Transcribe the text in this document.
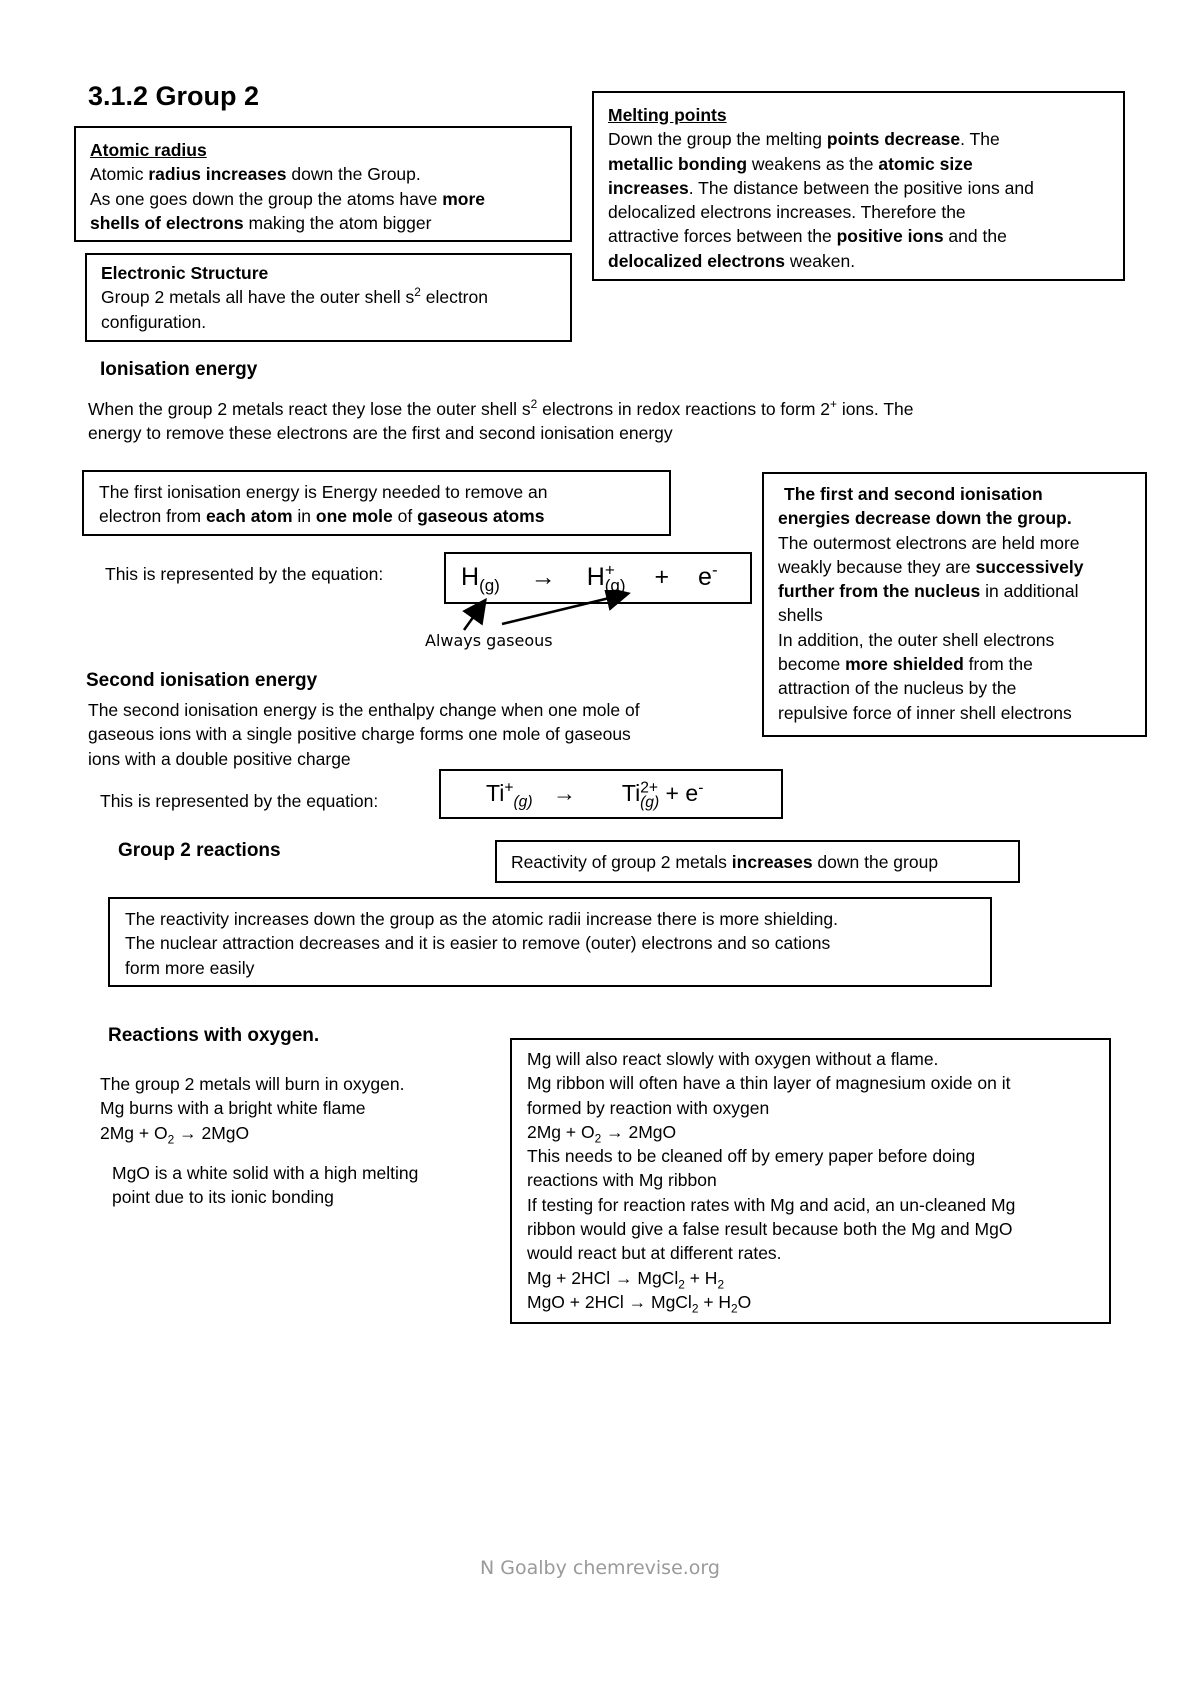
3.1.2 Group 2
Atomic radius
Atomic radius increases down the Group.
As one goes down the group the atoms have more
shells of electrons making the atom bigger
Electronic Structure
Group 2 metals all have the outer shell $s^2$ electron
configuration.
Melting points
Down the group the melting points decrease. The
metallic bonding weakens as the atomic size
increases. The distance between the positive ions and
delocalized electrons increases. Therefore the
attractive forces between the positive ions and the
delocalized electrons weaken.
Ionisation energy
When the group 2 metals react they lose the outer shell $s^2$ electrons in redox reactions to form 2+ ions. The
energy to remove these electrons are the first and second ionisation energy
The first ionisation energy is Energy needed to remove an
electron from each atom in one mole of gaseous atoms
This is represented by the equation:	$H_{(g)} \to H^+_{(g)} + e^-$
Always gaseous
The first and second ionisation
energies decrease down the group.
The outermost electrons are held more
weakly because they are successively
further from the nucleus in additional
shells
In addition, the outer shell electrons
become more shielded from the
attraction of the nucleus by the
repulsive force of inner shell electrons
Second ionisation energy
The second ionisation energy is the enthalpy change when one mole of
gaseous ions with a single positive charge forms one mole of gaseous
ions with a double positive charge
This is represented by the equation:	$Ti^+_{(g)} \to Ti^{2+}_{(g)} + e^-$
Group 2 reactions
Reactivity of group 2 metals increases down the group
The reactivity increases down the group as the atomic radii increase there is more shielding.
The nuclear attraction decreases and it is easier to remove (outer) electrons and so cations
form more easily
Reactions with oxygen.
The group 2 metals will burn in oxygen.
Mg burns with a bright white flame
$2Mg + O_2 \to 2MgO$
MgO is a white solid with a high melting
point due to its ionic bonding
Mg will also react slowly with oxygen without a flame.
Mg ribbon will often have a thin layer of magnesium oxide on it
formed by reaction with oxygen
$2Mg + O_2 \to 2MgO$
This needs to be cleaned off by emery paper before doing
reactions with Mg ribbon
If testing for reaction rates with Mg and acid, an un-cleaned Mg
ribbon would give a false result because both the Mg and MgO
would react but at different rates.
Mg + 2HCl → MgCl$_2$ + $H_2$
MgO + 2HCl → MgCl$_2$ + $H_2O$
N Goalby chemrevise.org
